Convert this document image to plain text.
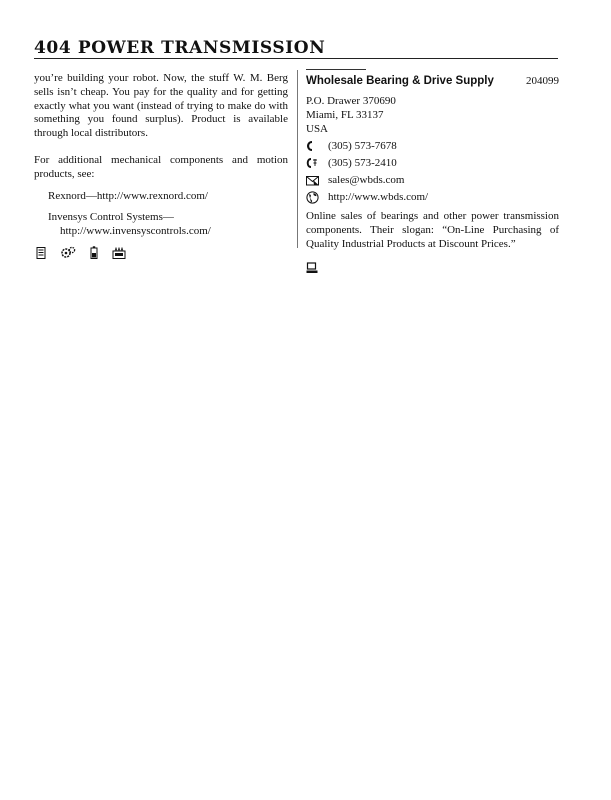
404 POWER TRANSMISSION

you’re building your robot. Now, the stuff W. M. Berg sells isn’t cheap. You pay for the quality and for getting exactly what you want (instead of trying to make do with something you found surplus). Product is available through local distributors.

For additional mechanical components and motion products, see:

Rexnord—http://www.rexnord.com/
Invensys Control Systems—
http://www.invensyscontrols.com/
Wholesale Bearing & Drive Supply	204099
P.O. Drawer 370690
Miami, FL 33137
USA
(305) 573-7678
(305) 573-2410
sales@wbds.com
http://www.wbds.com/

Online sales of bearings and other power transmission components. Their slogan: “On-Line Purchasing of Quality Industrial Products at Discount Prices.”
